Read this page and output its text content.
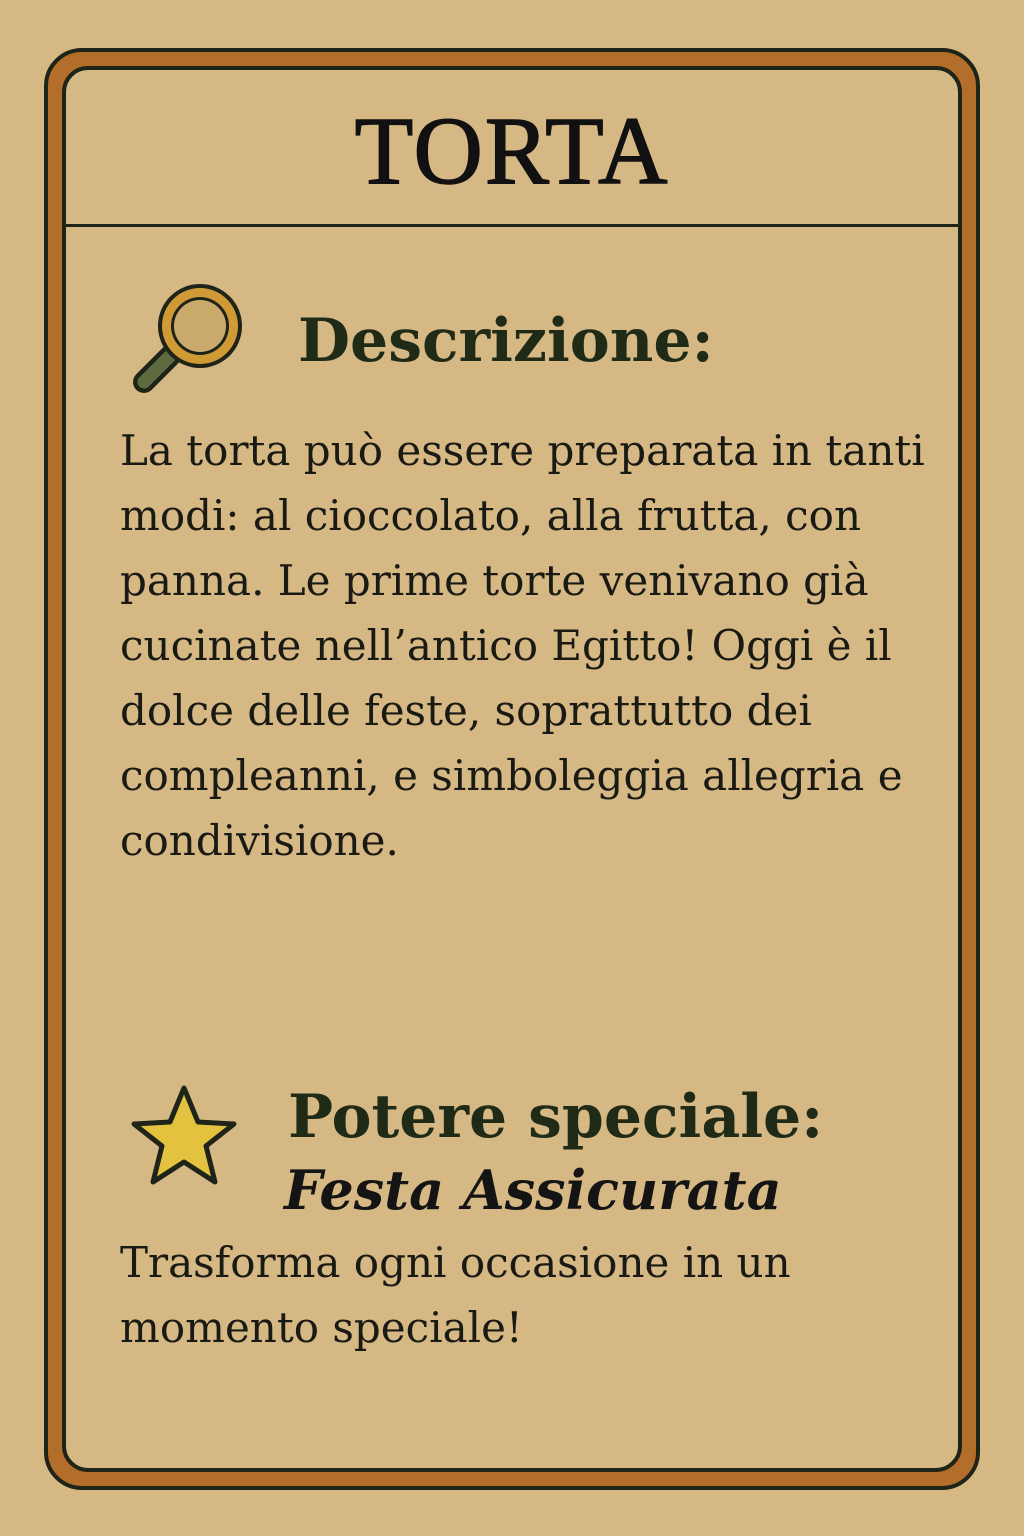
TORTA
Descrizione:

La torta può essere preparata in tanti modi: al cioccolato, alla frutta, con panna. Le prime torte venivano già cucinate nell’antico Egitto! Oggi è il dolce delle feste, soprattutto dei compleanni, e simboleggia allegria e condivisione.

Potere speciale:
Festa Assicurata

Trasforma ogni occasione in un momento speciale!
